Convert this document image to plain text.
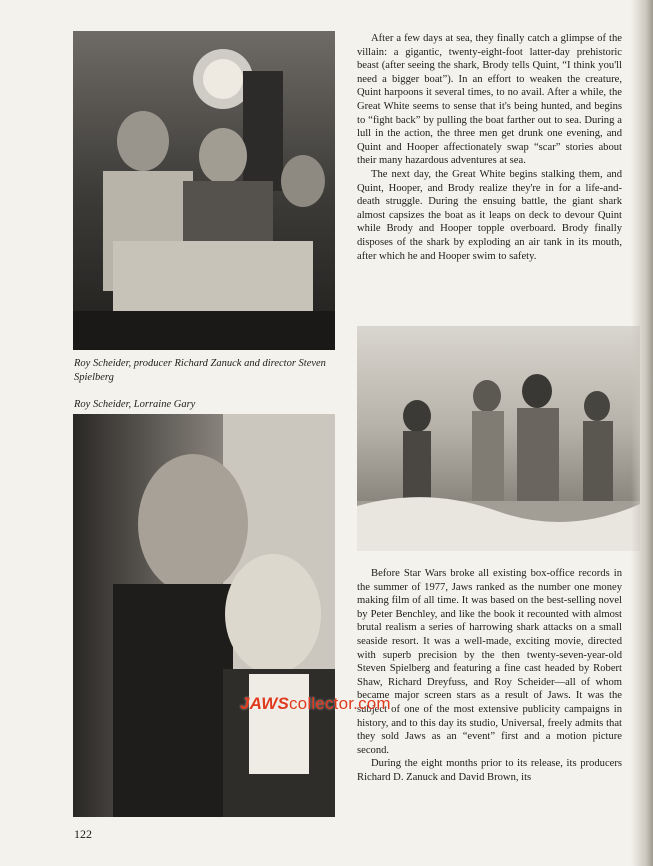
Roy Scheider, producer Richard Zanuck and director Steven Spielberg
Roy Scheider, Lorraine Gary

After a few days at sea, they finally catch a glimpse of the villain: a gigantic, twenty-eight-foot latter-day prehistoric beast (after seeing the shark, Brody tells Quint, “I think you'll need a bigger boat”). In an effort to weaken the creature, Quint harpoons it several times, to no avail. After a while, the Great White seems to sense that it's being hunted, and begins to “fight back” by pulling the boat farther out to sea. During a lull in the action, the three men get drunk one evening, and Quint and Hooper affectionately swap “scar” stories about their many hazardous adventures at sea.

The next day, the Great White begins stalking them, and Quint, Hooper, and Brody realize they're in for a life-and-death struggle. During the ensuing battle, the giant shark almost capsizes the boat as it leaps on deck to devour Quint while Brody and Hooper topple overboard. Brody finally disposes of the shark by exploding an air tank in its mouth, after which he and Hooper swim to safety.

Before Star Wars broke all existing box-office records in the summer of 1977, Jaws ranked as the number one money making film of all time. It was based on the best-selling novel by Peter Benchley, and like the book it recounted with almost brutal realism a series of harrowing shark attacks on a small seaside resort. It was a well-made, exciting movie, directed with superb precision by the then twenty-seven-year-old Steven Spielberg and featuring a fine cast headed by Robert Shaw, Richard Dreyfuss, and Roy Scheider—all of whom became major screen stars as a result of Jaws. It was the subject of one of the most extensive publicity campaigns in history, and to this day its studio, Universal, freely admits that they sold Jaws as an “event” first and a motion picture second.

During the eight months prior to its release, its producers Richard D. Zanuck and David Brown, its

JAWScollector.com
122
